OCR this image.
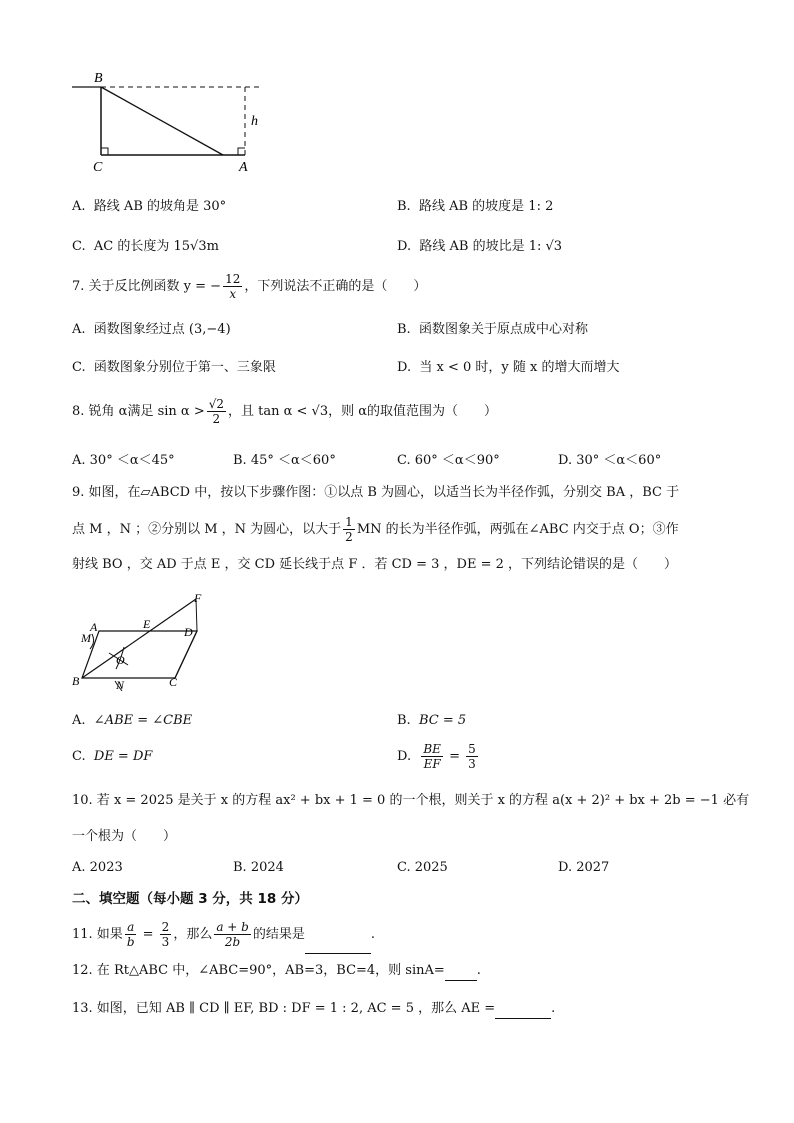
B
C	A
h
A. 路线 AB 的坡角是 30°	B. 路线 AB 的坡度是 1: 2
C. AC 的长度为 15√3m	D. 路线 AB 的坡比是 1: √3
7. 关于反比例函数 y = − $\frac{12}{x}$ ，下列说法不正确的是（　　）
A. 函数图象经过点 (3,−4)	B. 函数图象关于原点成中心对称
C. 函数图象分别位于第一、三象限	D. 当 x < 0 时，y 随 x 的增大而增大
8. 锐角 α满足 $\sin \alpha > \frac{√2}{2}$ ，且 tan α < √3，则 α的取值范围为（　　）
A. 30° ＜α＜45°	B. 45° ＜α＜60°	C. 60° ＜α＜90°	D. 30° ＜α＜60°
9. 如图，在▱ABCD 中，按以下步骤作图：①以点 B 为圆心，以适当长为半径作弧，分别交 BA ，BC 于
点 M ，N ；②分别以 M ，N 为圆心，以大于 $\frac{1}{2}$ MN 的长为半径作弧，两弧在∠ABC 内交于点 O；③作
射线 BO ，交 AD 于点 E ，交 CD 延长线于点 F ．若 CD = 3 ，DE = 2 ，下列结论错误的是（　　）
A
M
E
D
F
O
B	N	C
A. ∠ABE = ∠CBE	B. BC = 5
C. DE = DF	D. $\frac{BE}{EF} = \frac{5}{3}$
10. 若 x = 2025 是关于 x 的方程 ax² + bx + 1 = 0 的一个根，则关于 x 的方程 a(x + 2)² + bx + 2b = −1 必有
一个根为（　　）
A. 2023	B. 2024	C. 2025	D. 2027
二、填空题（每小题 3 分，共 18 分）
11. 如果 $\frac{a}{b} = \frac{2}{3}$ ，那么 $\frac{a + b}{2b}$ 的结果是	.
12. 在 Rt△ABC 中，∠ABC=90°，AB=3，BC=4，则 sinA= .
13. 如图，已知 AB ∥ CD ∥ EF, BD : DF = 1 : 2, AC = 5 ，那么 AE =	.
